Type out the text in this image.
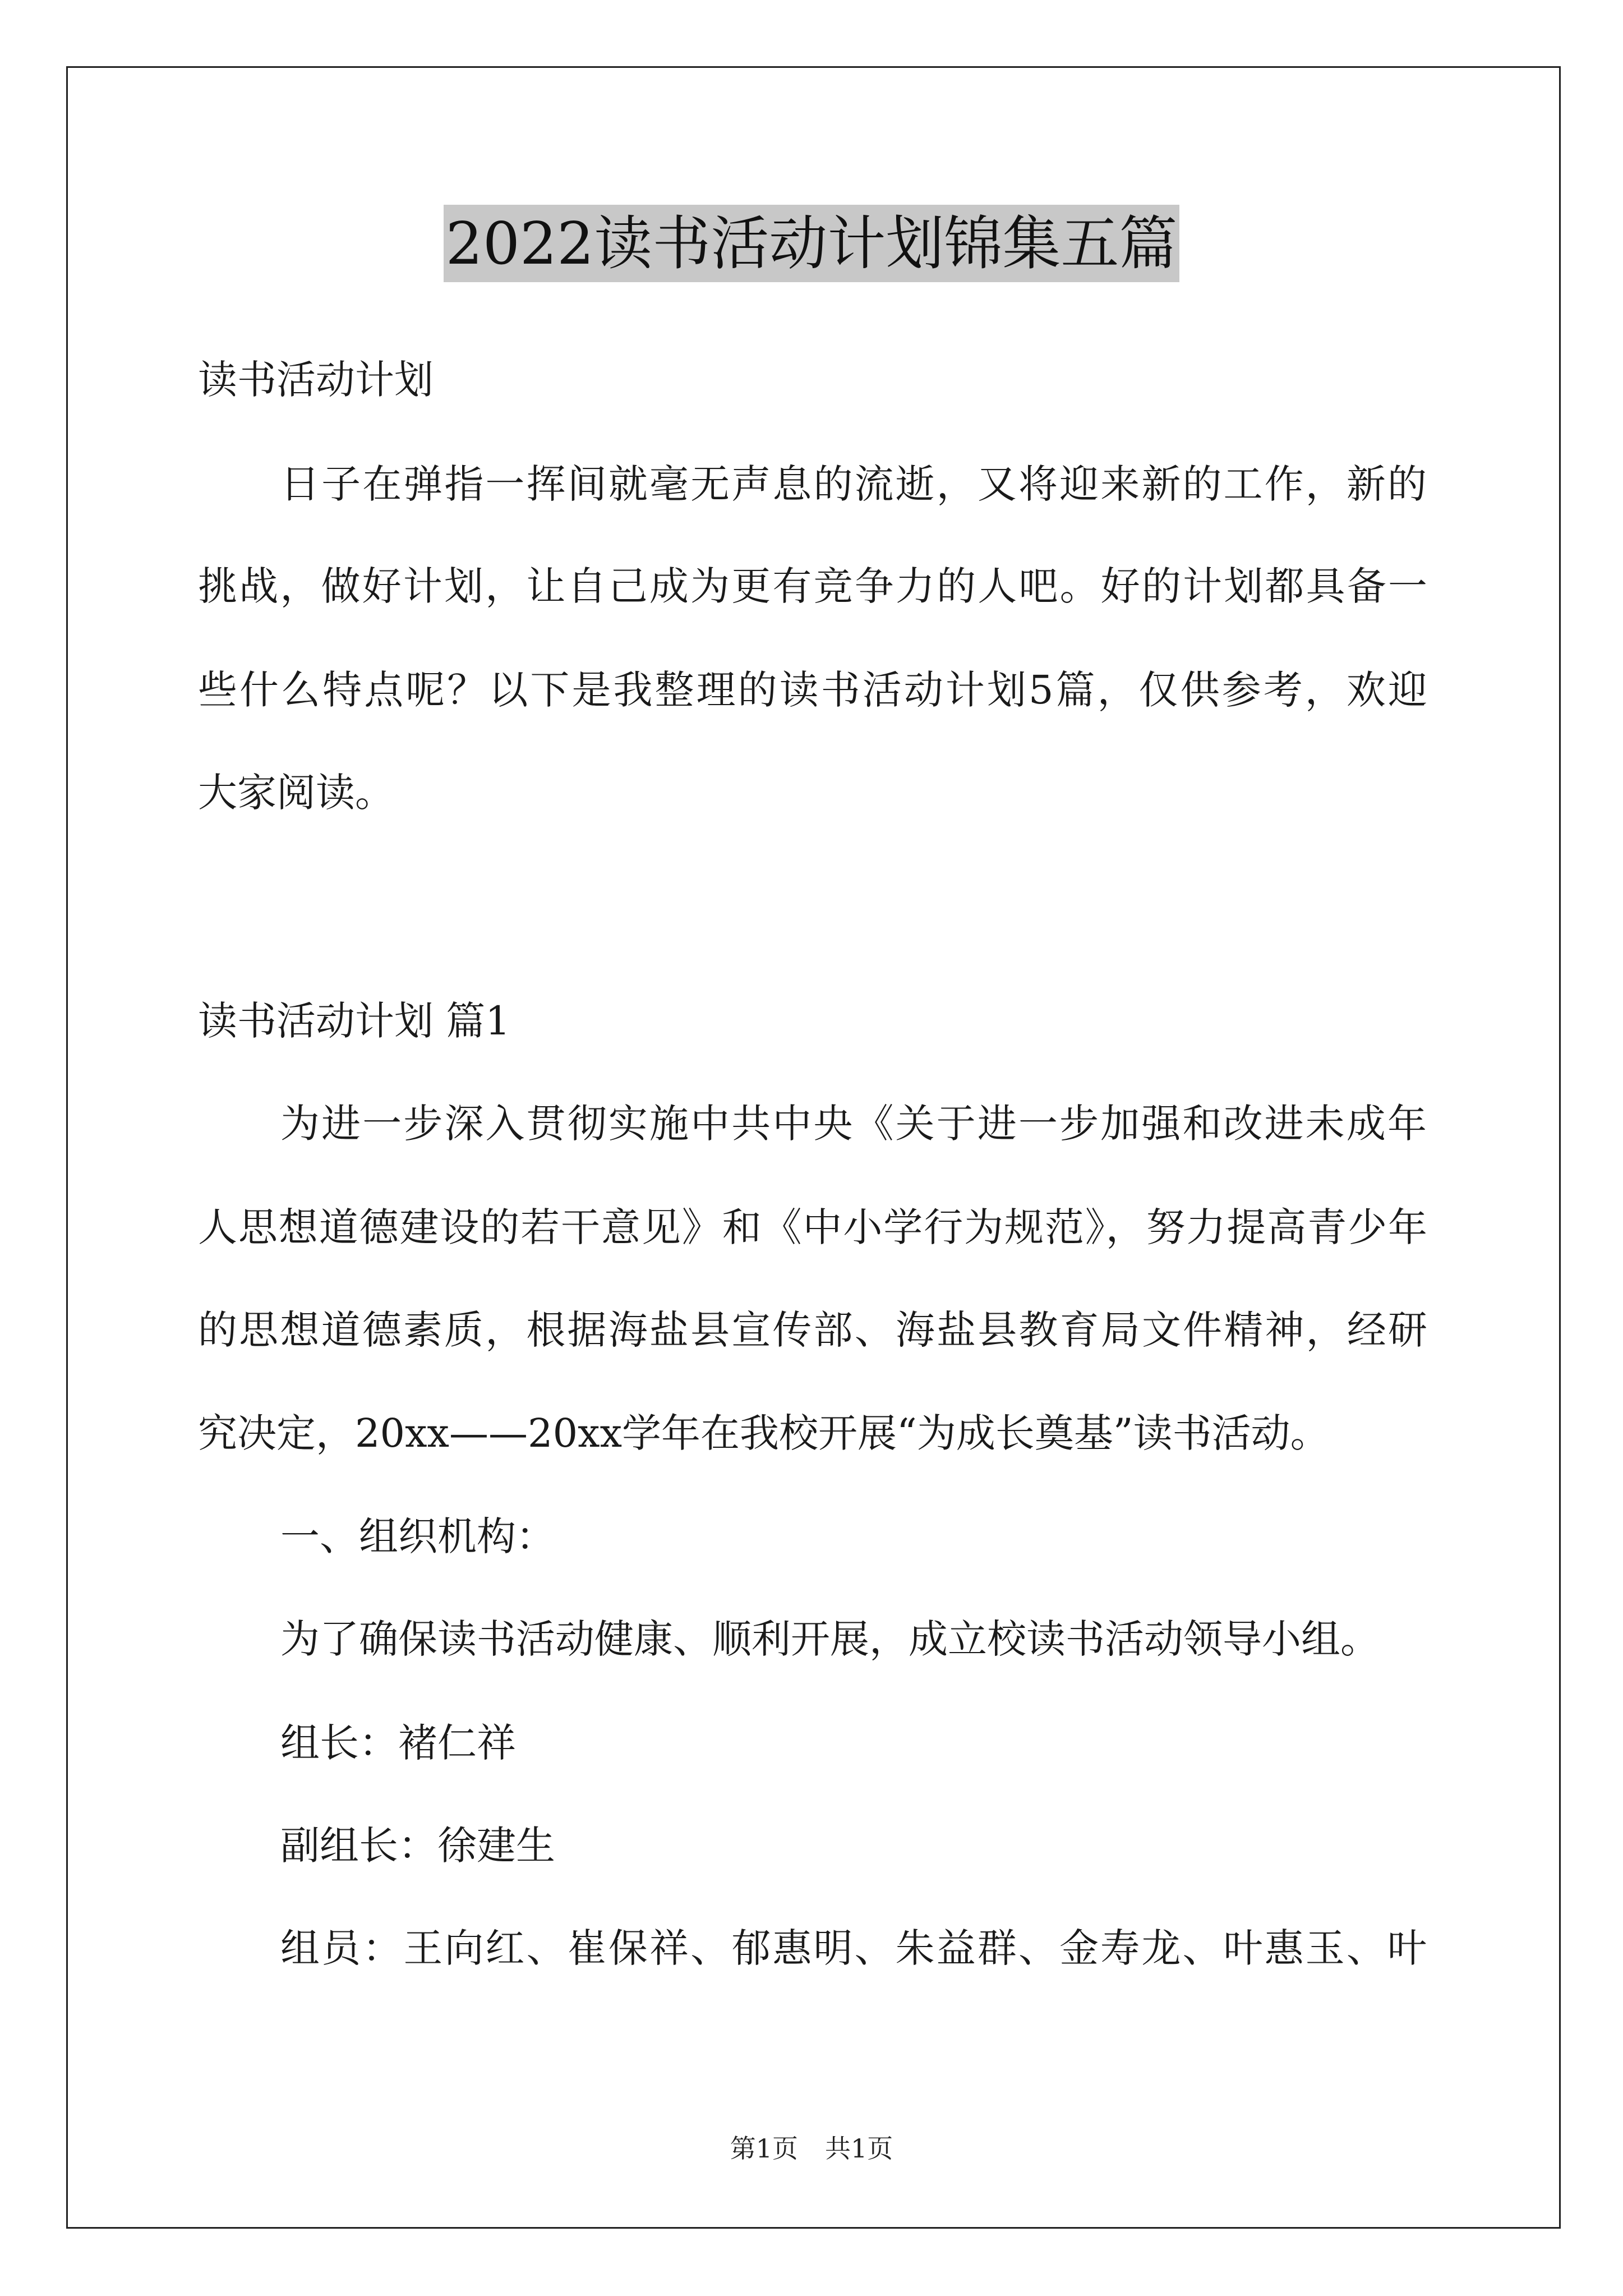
2022读书活动计划锦集五篇
读书活动计划
日子在弹指一挥间就毫无声息的流逝，又将迎来新的工作，新的
挑战，做好计划，让自己成为更有竞争力的人吧。好的计划都具备一
些什么特点呢？以下是我整理的读书活动计划5篇，仅供参考，欢迎
大家阅读。
读书活动计划 篇1
为进一步深入贯彻实施中共中央《关于进一步加强和改进未成年
人思想道德建设的若干意见》和《中小学行为规范》，努力提高青少年
的思想道德素质，根据海盐县宣传部、海盐县教育局文件精神，经研
究决定，20xx——20xx学年在我校开展“为成长奠基”读书活动。
一、组织机构：
为了确保读书活动健康、顺利开展，成立校读书活动领导小组。
组长：褚仁祥
副组长：徐建生
组员：王向红、崔保祥、郁惠明、朱益群、金寿龙、叶惠玉、叶
第1页 共1页
